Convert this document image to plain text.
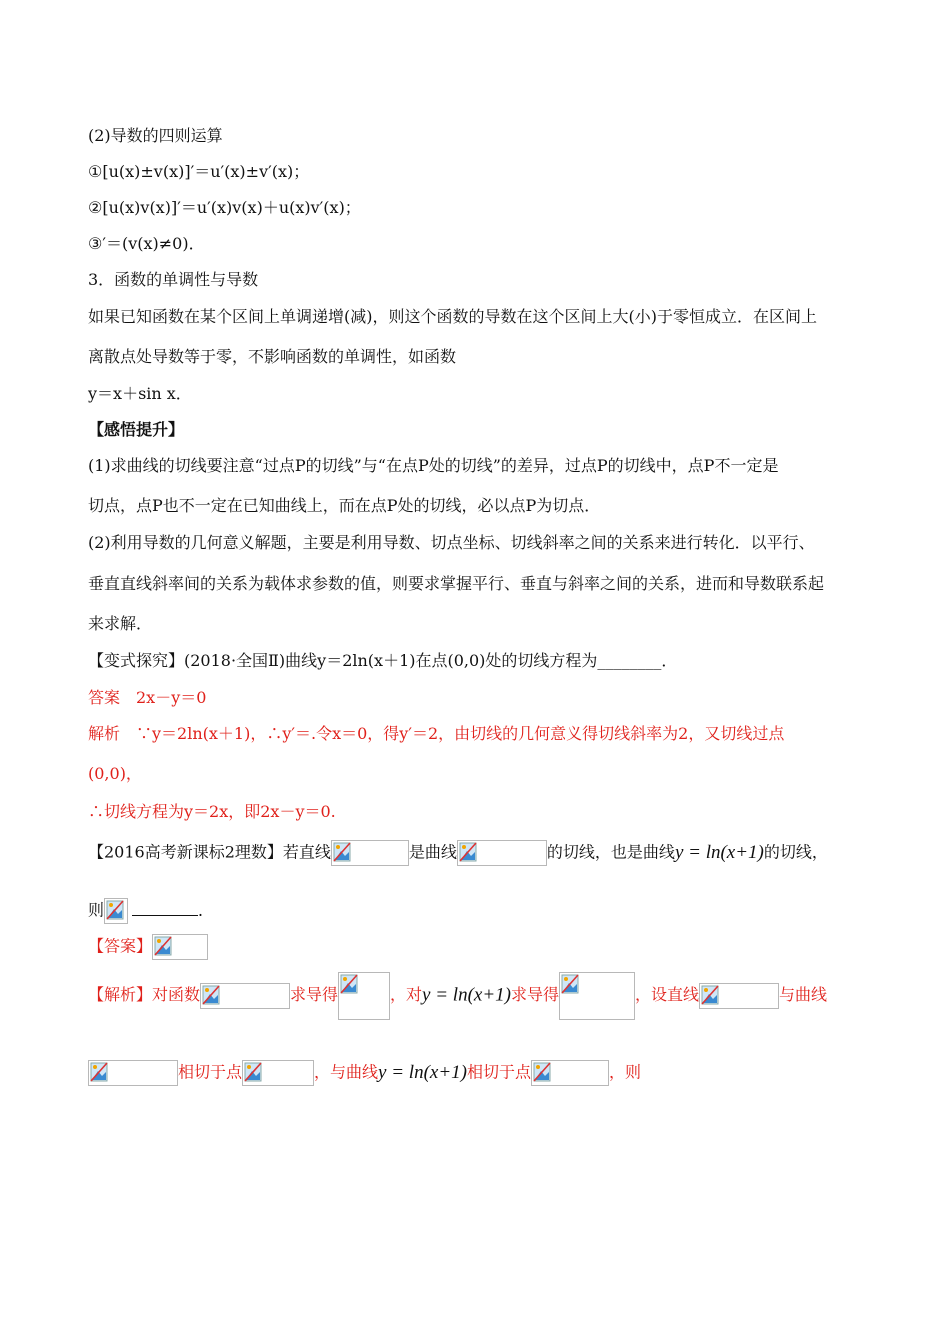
(2)导数的四则运算
①[u(x)±v(x)]′＝u′(x)±v′(x)；
②[u(x)v(x)]′＝u′(x)v(x)＋u(x)v′(x)；
③′＝(v(x)≠0)．
3．函数的单调性与导数
如果已知函数在某个区间上单调递增(减)，则这个函数的导数在这个区间上大(小)于零恒成立．在区间上
离散点处导数等于零，不影响函数的单调性，如函数
y＝x＋sin x．
【感悟提升】
(1)求曲线的切线要注意“过点P的切线”与“在点P处的切线”的差异，过点P的切线中，点P不一定是
切点，点P也不一定在已知曲线上，而在点P处的切线，必以点P为切点．
(2)利用导数的几何意义解题，主要是利用导数、切点坐标、切线斜率之间的关系来进行转化．以平行、
垂直直线斜率间的关系为载体求参数的值，则要求掌握平行、垂直与斜率之间的关系，进而和导数联系起
来求解．
【变式探究】(2018·全国Ⅱ)曲线y＝2ln(x＋1)在点(0,0)处的切线方程为________．
答案　2x－y＝0
解析　∵y＝2ln(x＋1)，∴y′＝.令x＝0，得y′＝2，由切线的几何意义得切线斜率为2，又切线过点
(0,0)，
∴切线方程为y＝2x，即2x－y＝0.
【2016高考新课标2理数】若直线	是曲线	的切线，也是曲线y = ln(x+1)的切线，
则	．
【答案】
【解析】对函数	求导得	，对y = ln(x+1)求导得	，设直线	与曲线
相切于点	，与曲线y = ln(x+1)相切于点	，则
